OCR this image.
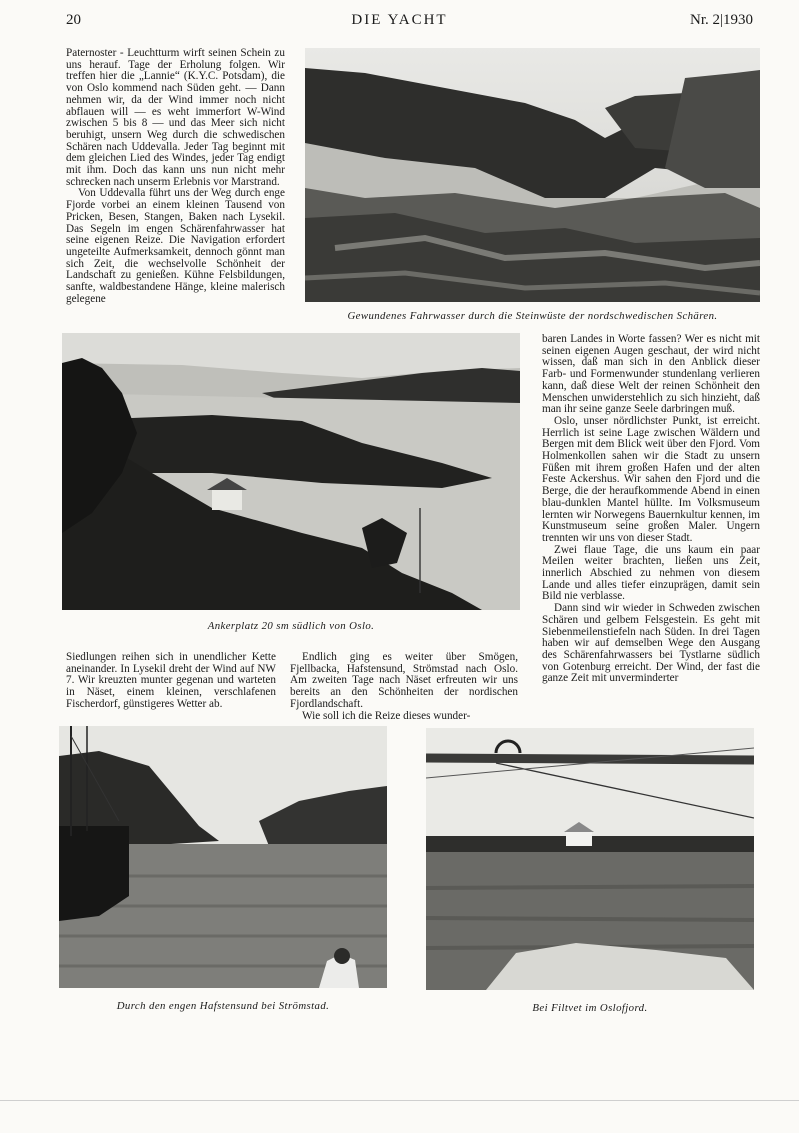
20	DIE YACHT	Nr. 2|1930

Paternoster - Leuchtturm wirft seinen Schein zu uns herauf. Tage der Erholung folgen. Wir treffen hier die „Lannie“ (K.Y.C. Potsdam), die von Oslo kommend nach Süden geht. — Dann nehmen wir, da der Wind immer noch nicht abflauen will — es weht immerfort W-Wind zwischen 5 bis 8 — und das Meer sich nicht beruhigt, unsern Weg durch die schwedischen Schären nach Uddevalla. Jeder Tag beginnt mit dem gleichen Lied des Windes, jeder Tag endigt mit ihm. Doch das kann uns nun nicht mehr schrecken nach unserm Erlebnis vor Marstrand.

Von Uddevalla führt uns der Weg durch enge Fjorde vorbei an einem kleinen Tausend von Pricken, Besen, Stangen, Baken nach Lysekil. Das Segeln im engen Schärenfahrwasser hat seine eigenen Reize. Die Navigation erfordert ungeteilte Aufmerksamkeit, dennoch gönnt man sich Zeit, die wechselvolle Schönheit der Landschaft zu genießen. Kühne Felsbildungen, sanfte, waldbestandene Hänge, kleine malerisch gelegene

Gewundenes Fahrwasser durch die Steinwüste der nordschwedischen Schären.
Ankerplatz 20 sm südlich von Oslo.

baren Landes in Worte fassen? Wer es nicht mit seinen eigenen Augen geschaut, der wird nicht wissen, daß man sich in den Anblick dieser Farb- und Formenwunder stundenlang verlieren kann, daß diese Welt der reinen Schönheit den Menschen unwiderstehlich zu sich hinzieht, daß man ihr seine ganze Seele darbringen muß.

Oslo, unser nördlichster Punkt, ist erreicht. Herrlich ist seine Lage zwischen Wäldern und Bergen mit dem Blick weit über den Fjord. Vom Holmenkollen sahen wir die Stadt zu unsern Füßen mit ihrem großen Hafen und der alten Feste Ackershus. Wir sahen den Fjord und die Berge, die der heraufkommende Abend in einen blau-dunklen Mantel hüllte. Im Volksmuseum lernten wir Norwegens Bauernkultur kennen, im Kunstmuseum seine großen Maler. Ungern trennten wir uns von dieser Stadt.

Zwei flaue Tage, die uns kaum ein paar Meilen weiter brachten, ließen uns Zeit, innerlich Abschied zu nehmen von diesem Lande und alles tiefer einzuprägen, damit sein Bild nie verblasse.

Dann sind wir wieder in Schweden zwischen Schären und gelbem Felsgestein. Es geht mit Siebenmeilenstiefeln nach Süden. In drei Tagen haben wir auf demselben Wege den Ausgang des Schärenfahrwassers bei Tystlarne südlich von Gotenburg erreicht. Der Wind, der fast die ganze Zeit mit unverminderter

Siedlungen reihen sich in unendlicher Kette aneinander. In Lysekil dreht der Wind auf NW 7. Wir kreuzten munter gegenan und warteten in Näset, einem kleinen, verschlafenen Fischerdorf, günstigeres Wetter ab.

Endlich ging es weiter über Smögen, Fjellbacka, Hafstensund, Strömstad nach Oslo. Am zweiten Tage nach Näset erfreuten wir uns bereits an den Schönheiten der nordischen Fjordlandschaft.

Wie soll ich die Reize dieses wunder-

Durch den engen Hafstensund bei Strömstad.	Bei Filtvet im Oslofjord.
